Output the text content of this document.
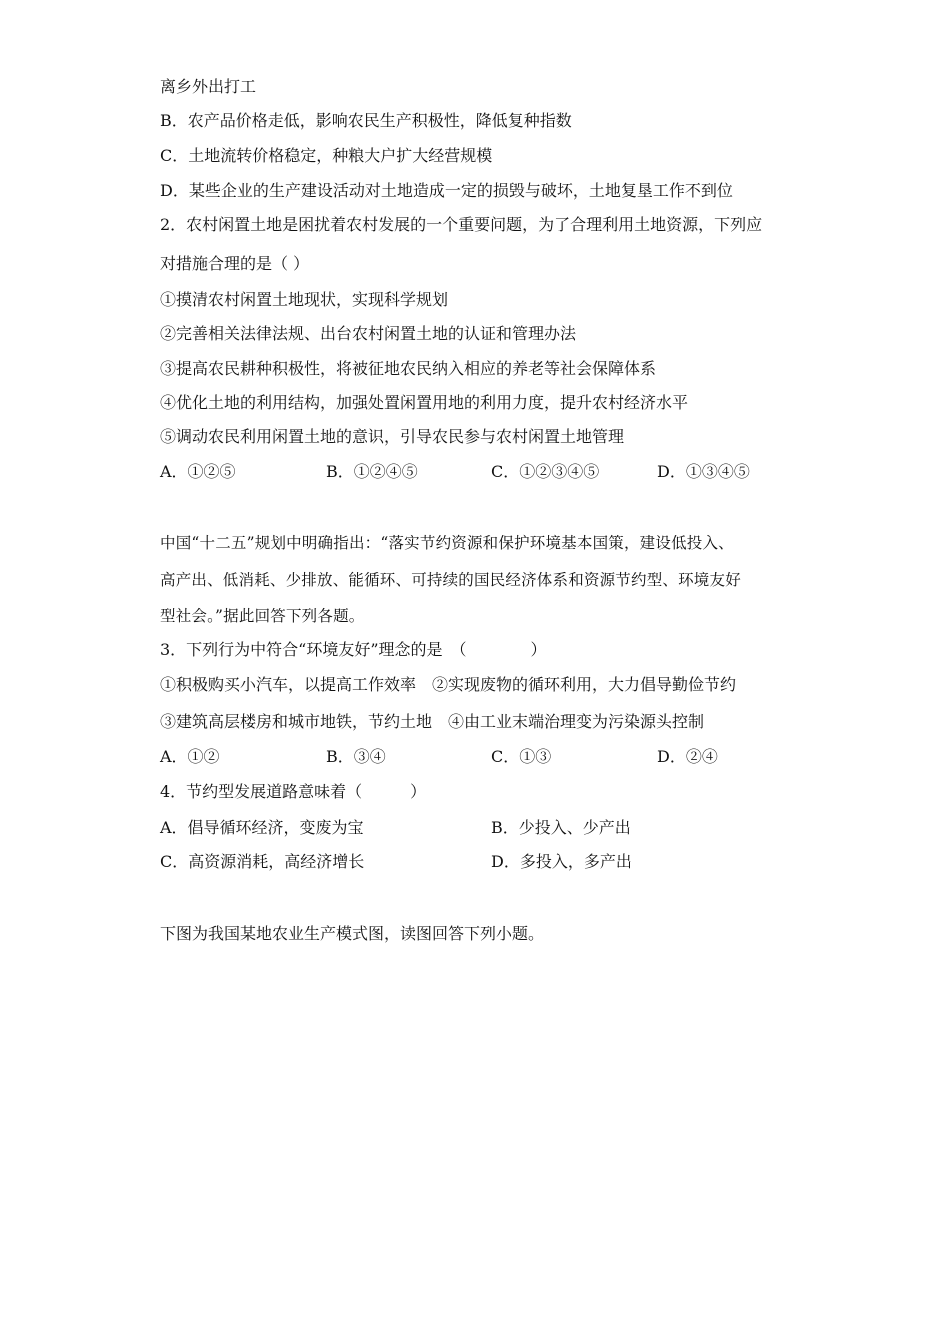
离乡外出打工
B．农产品价格走低，影响农民生产积极性，降低复种指数
C．土地流转价格稳定，种粮大户扩大经营规模
D．某些企业的生产建设活动对土地造成一定的损毁与破坏，土地复垦工作不到位
2．农村闲置土地是困扰着农村发展的一个重要问题，为了合理利用土地资源，下列应
对措施合理的是（ ）
①摸清农村闲置土地现状，实现科学规划
②完善相关法律法规、出台农村闲置土地的认证和管理办法
③提高农民耕种积极性，将被征地农民纳入相应的养老等社会保障体系
④优化土地的利用结构，加强处置闲置用地的利用力度，提升农村经济水平
⑤调动农民利用闲置土地的意识，引导农民参与农村闲置土地管理
A．①②⑤	B．①②④⑤	C．①②③④⑤	D．①③④⑤
中国“十二五”规划中明确指出：“落实节约资源和保护环境基本国策，建设低投入、
高产出、低消耗、少排放、能循环、可持续的国民经济体系和资源节约型、环境友好
型社会。”据此回答下列各题。
3．下列行为中符合“环境友好”理念的是　（　　　　）
①积极购买小汽车，以提高工作效率　②实现废物的循环利用，大力倡导勤俭节约
③建筑高层楼房和城市地铁，节约土地　④由工业末端治理变为污染源头控制
A．①②	B．③④	C．①③	D．②④
4．节约型发展道路意味着（　　　）
A．倡导循环经济，变废为宝	B．少投入、少产出
C．高资源消耗，高经济增长	D．多投入，多产出
下图为我国某地农业生产模式图，读图回答下列小题。
